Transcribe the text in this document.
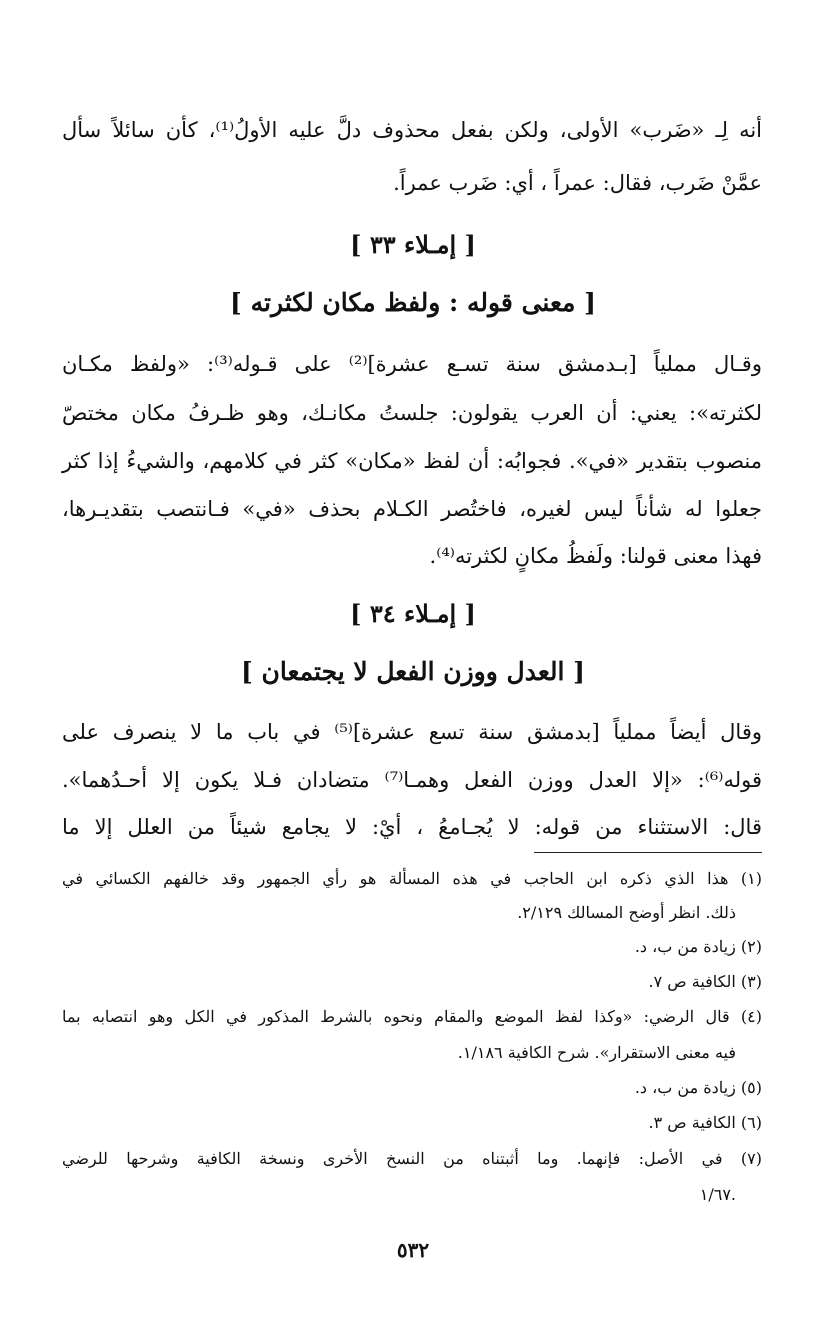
أنه لِـ «ضَرب» الأولى، ولكن بفعل محذوف دلَّ عليه الأولُ⁽¹⁾، كأن سائلاً سأل
عمَّنْ ضَرب، فقال: عمراً ، أي: ضَرب عمراً.
[ إمـلاء ٣٣ ]
[ معنى قوله : ولفظ مكان لكثرته ]
وقـال مملياً [بـدمشق سنة تسـع عشرة]⁽²⁾ على قـوله⁽³⁾: «ولفظ مكـان
لكثرته»: يعني: أن العرب يقولون: جلستُ مكانـك، وهو ظـرفُ مكان مختصّ
منصوب بتقدير «في». فجوابُه: أن لفظ «مكان» كثر في كلامهم، والشيءُ إذا كثر
جعلوا له شأناً ليس لغيره، فاختُصر الكـلام بحذف «في» فـانتصب بتقديـرها،
فهذا معنى قولنا: ولَفظُ مكانٍ لكثرته⁽⁴⁾.
[ إمـلاء ٣٤ ]
[ العدل ووزن الفعل لا يجتمعان ]
وقال أيضاً مملياً [بدمشق سنة تسع عشرة]⁽⁵⁾ في باب ما لا ينصرف على
قوله⁽⁶⁾: «إلا العدل ووزن الفعل وهمـا⁽⁷⁾ متضادان فـلا يكون إلا أحـدُهما».
قال: الاستثناء من قوله: لا يُجـامعُ ، أيْ: لا يجامع شيئاً من العلل إلا ما
(١) هذا الذي ذكره ابن الحاجب في هذه المسألة هو رأي الجمهور وقد خالفهم الكسائي في
ذلك. انظر أوضح المسالك ٢/١٢٩.
(٢) زيادة من ب، د.
(٣) الكافية ص ٧.
(٤) قال الرضي: «وكذا لفظ الموضع والمقام ونحوه بالشرط المذكور في الكل وهو انتصابه بما
فيه معنى الاستقرار». شرح الكافية ١/١٨٦.
(٥) زيادة من ب، د.
(٦) الكافية ص ٣.
(٧) في الأصل: فإنهما. وما أثبتناه من النسخ الأخرى ونسخة الكافية وشرحها للرضي
.١/٦٧
٥٣٢
